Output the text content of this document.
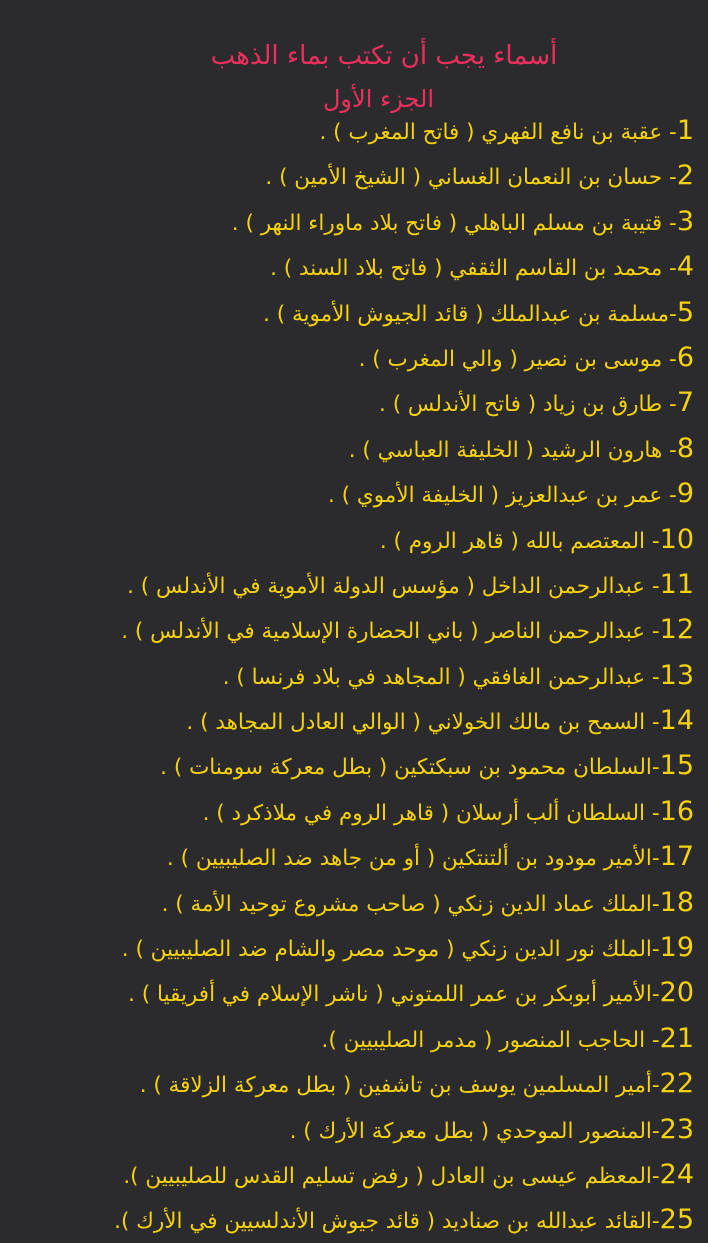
أسماء يجب أن تكتب بماء الذهب
الجزء الأول
1- عقبة بن نافع الفهري ( فاتح المغرب ) .
2- حسان بن النعمان الغساني ( الشيخ الأمين ) .
3- قتيبة بن مسلم الباهلي ( فاتح بلاد ماوراء النهر ) .
4- محمد بن القاسم الثقفي ( فاتح بلاد السند ) .
5-مسلمة بن عبدالملك ( قائد الجيوش الأموية ) .
6- موسى بن نصير ( والي المغرب ) .
7- طارق بن زياد ( فاتح الأندلس ) .
8- هارون الرشيد ( الخليفة العباسي ) .
9- عمر بن عبدالعزيز ( الخليفة الأموي ) .
10- المعتصم بالله ( قاهر الروم ) .
11- عبدالرحمن الداخل ( مؤسس الدولة الأموية في الأندلس ) .
12- عبدالرحمن الناصر ( باني الحضارة الإسلامية في الأندلس ) .
13- عبدالرحمن الغافقي ( المجاهد في بلاد فرنسا ) .
14- السمح بن مالك الخولاني ( الوالي العادل المجاهد ) .
15-السلطان محمود بن سبكتكين ( بطل معركة سومنات ) .
16- السلطان ألب أرسلان ( قاهر الروم في ملاذكرد ) .
17-الأمير مودود بن ألتنتكين ( أو من جاهد ضد الصليبيين ) .
18-الملك عماد الدين زنكي ( صاحب مشروع توحيد الأمة ) .
19-الملك نور الدين زنكي ( موحد مصر والشام ضد الصليبيين ) .
20-الأمير أبوبكر بن عمر اللمتوني ( ناشر الإسلام في أفريقيا ) .
21- الحاجب المنصور ( مدمر الصليبيين ).
22-أمير المسلمين يوسف بن تاشفين ( بطل معركة الزلاقة ) .
23-المنصور الموحدي ( بطل معركة الأرك ) .
24-المعظم عيسى بن العادل ( رفض تسليم القدس للصليبيين ).
25-القائد عبدالله بن صناديد ( قائد جيوش الأندلسيين في الأرك ).
